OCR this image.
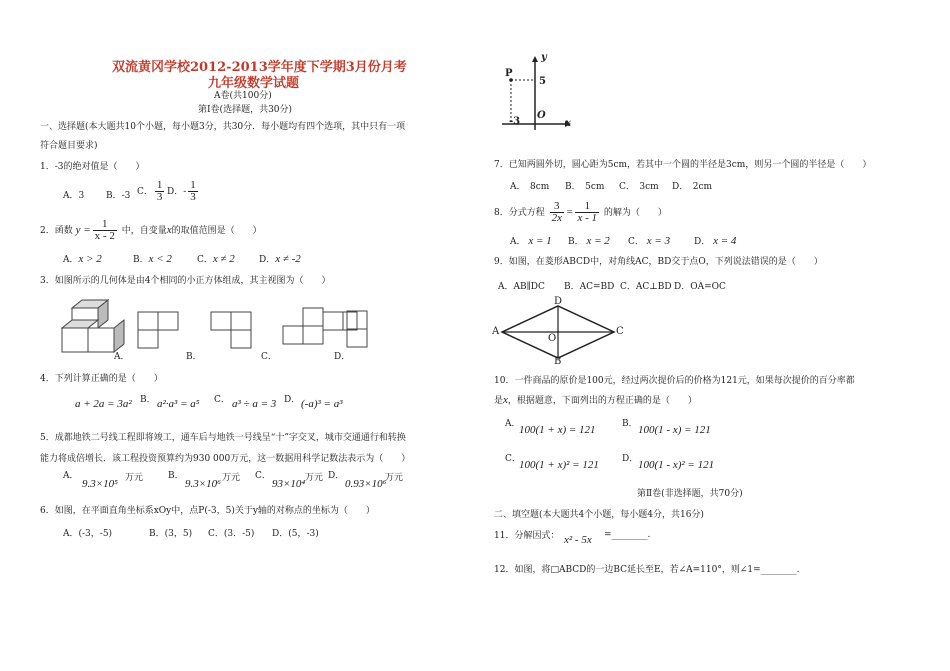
双流黄冈学校2012-2013学年度下学期3月份月考
九年级数学试题
A卷(共100分)
第Ⅰ卷(选择题，共30分)
一、选择题(本大题共10个小题，每小题3分，共30分．每小题均有四个选项，其中只有一项
符合题目要求)
1．‐3的绝对值是（　　）
A．3 B．‐3 C． $\frac{1}{3}$ D．‐ $\frac{1}{3}$
2．函数 $y = \frac{1}{x - 2}$ 中，自变量x的取值范围是（　　）
A．x > 2	B．x < 2	C．x ≠ 2	D．x ≠ -2
3．如图所示的几何体是由4个相同的小正方体组成，其主视图为（　　）
A．	B．	C．	D．
4．下列计算正确的是（　　）
a + 2a = 3a² B． a²·a³ = a⁵ C． a³ ÷ a = 3 D． (-a)³ = a³
5．成都地铁二号线工程即将竣工，通车后与地铁一号线呈“十”字交叉，城市交通通行和转换
能力将成倍增长．该工程投资预算约为930 000万元，这一数据用科学记数法表示为（　　）
A．
9.3×10⁵ 万元	B．
9.3×10⁶ 万元 C．
93×10⁴ 万元 D．
0.93×10⁶
万元
6．如图，在平面直角坐标系xOy中，点P(‐3，5)关于y轴的对称点的坐标为（　　）
A．(‐3，‐5)	B．(3，5) C．(3．‐5) D．(5，‐3)
y
x
P
5
-3
O
7．已知两圆外切，圆心距为5cm，若其中一个圆的半径是3cm，则另一个圆的半径是（　　）
A．　8cm B．　5cm C．　3cm D．　2cm
8．分式方程 $\frac{3}{2x} = \frac{1}{x - 1}$ 的解为（　　）
A． x = 1 B． x = 2 C． x = 3	D． x = 4
9．如图，在菱形ABCD中，对角线AC，BD交于点O，下列说法错误的是（　　）
A．AB∥DC B．AC=BD C．AC⊥BD D．OA=OC
A	C
D
B
O
10．一件商品的原价是100元，经过两次提价后的价格为121元，如果每次提价的百分率都
是x，根据题意，下面列出的方程正确的是（　　）
A．
100(1 + x) = 121	B． 100(1 - x) = 121
C．
100(1 + x)² = 121	D． 100(1 - x)² = 121
第Ⅱ卷(非选择题，共70分)
二、填空题(本大题共4个小题，每小题4分，共16分)
11．分解因式： x² - 5x =________.
12．如图，将□ABCD的一边BC延长至E，若∠A=110°，则∠1=________.
